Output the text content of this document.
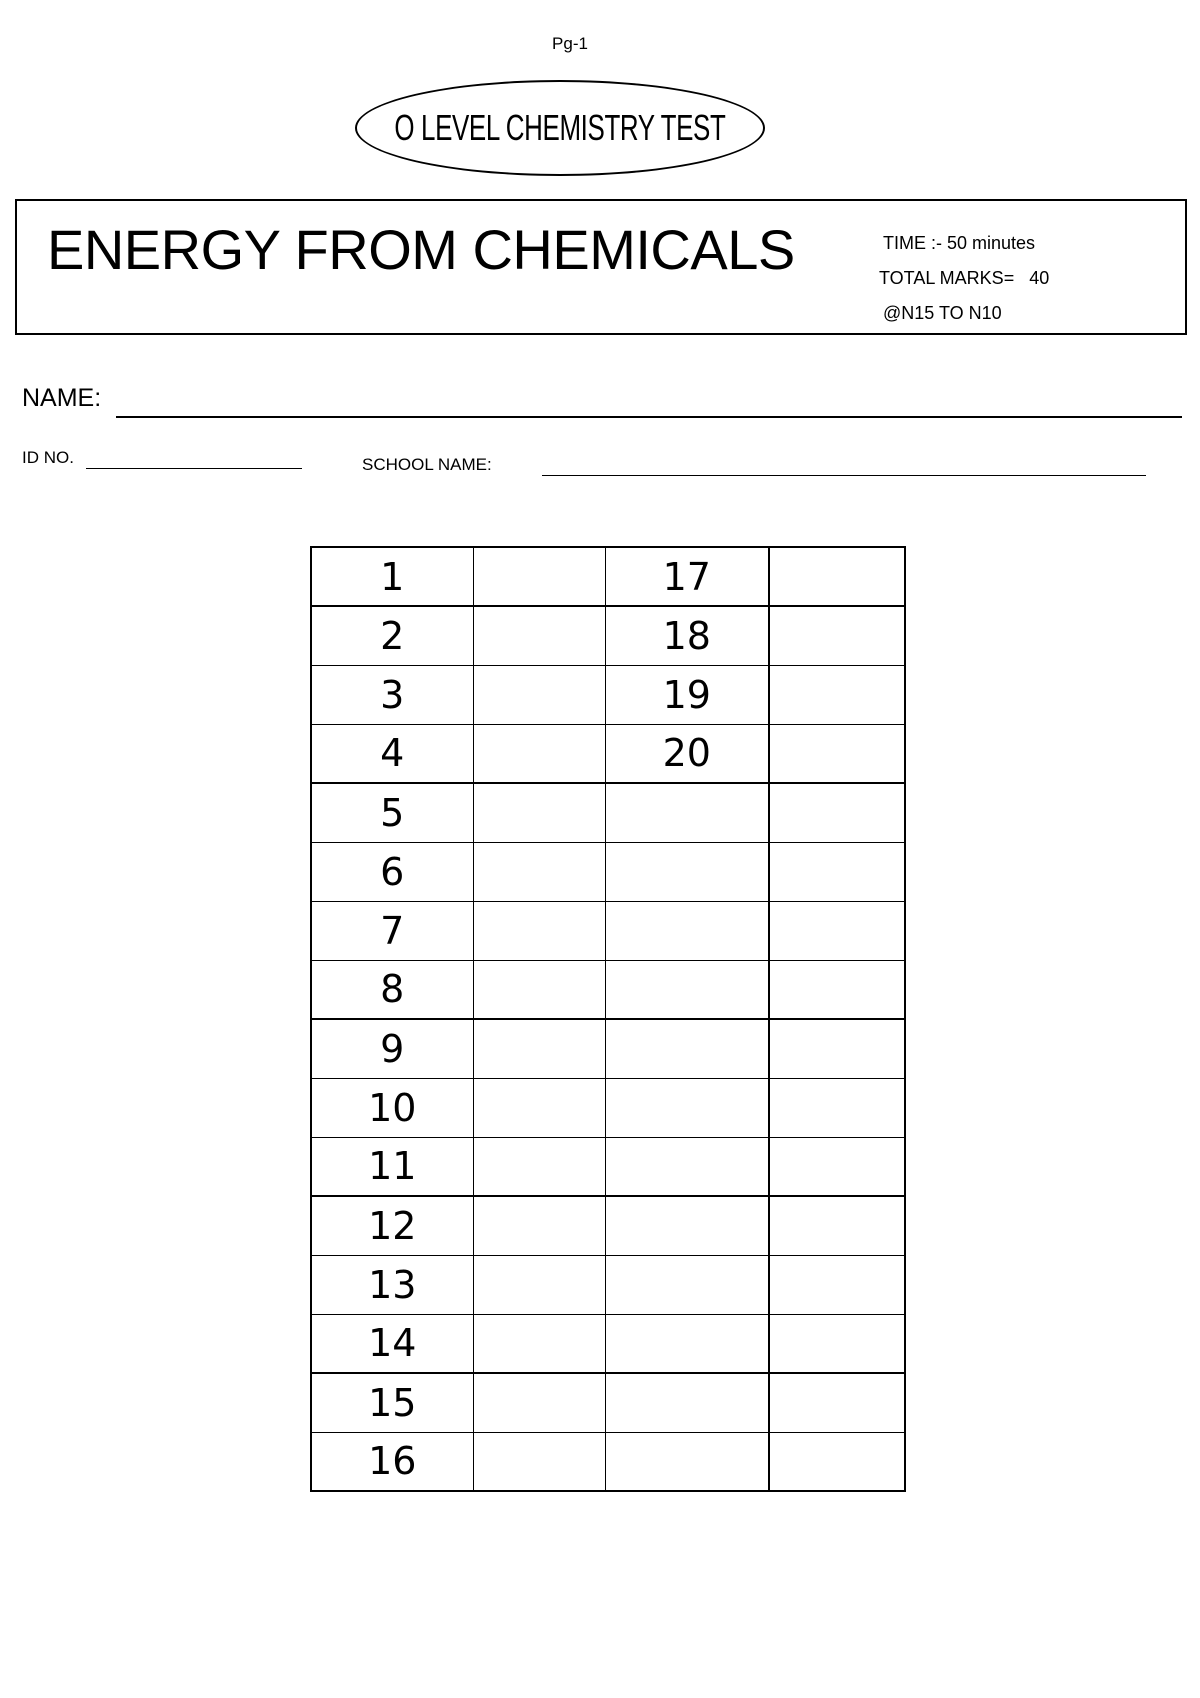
Pg-1
O LEVEL CHEMISTRY TEST
ENERGY FROM CHEMICALS	TIME :- 50 minutes
TOTAL MARKS= 40
@N15 TO N10
NAME:
ID NO.	SCHOOL NAME:
1		17	
2		18	
3		19	
4		20	
5			
6			
7			
8			
9			
10			
11			
12			
13			
14			
15			
16			
